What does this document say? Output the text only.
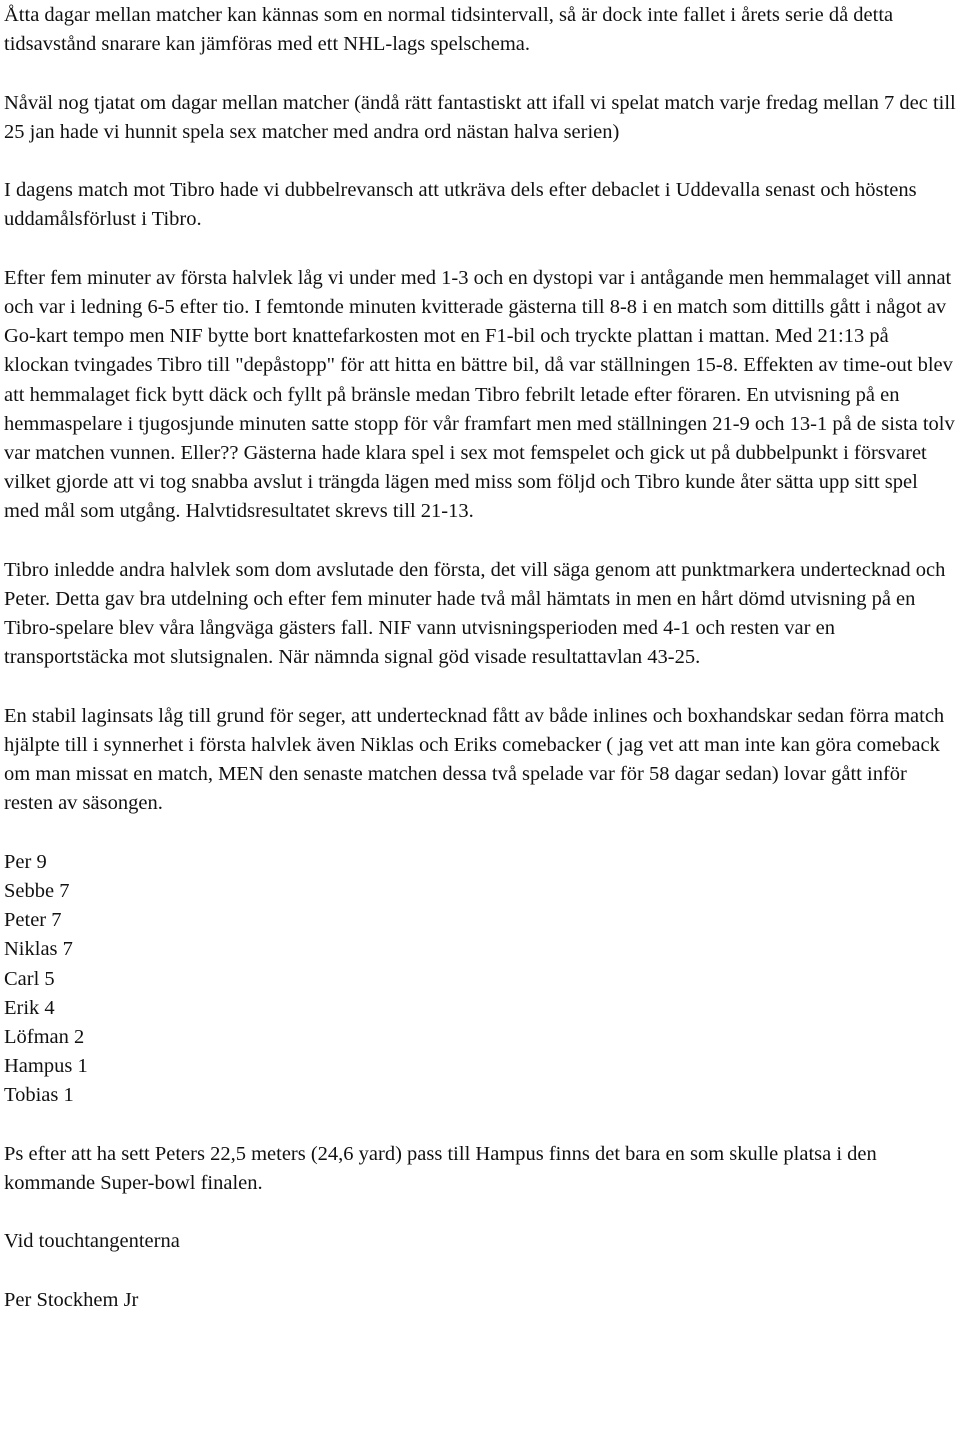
Åtta dagar mellan matcher kan kännas som en normal tidsintervall, så är dock inte fallet i årets serie då detta tidsavstånd snarare kan jämföras med ett NHL-lags spelschema.

Nåväl nog tjatat om dagar mellan matcher (ändå rätt fantastiskt att ifall vi spelat match varje fredag mellan 7 dec till 25 jan hade vi hunnit spela sex matcher med andra ord nästan halva serien)

I dagens match mot Tibro hade vi dubbelrevansch att utkräva dels efter debaclet i Uddevalla senast och höstens uddamålsförlust i Tibro.

Efter fem minuter av första halvlek låg vi under med 1-3 och en dystopi var i antågande men hemmalaget vill annat och var i ledning 6-5 efter tio. I femtonde minuten kvitterade gästerna till 8-8 i en match som dittills gått i något av Go-kart tempo men NIF bytte bort knattefarkosten mot en F1-bil och tryckte plattan i mattan. Med 21:13 på klockan tvingades Tibro till "depåstopp" för att hitta en bättre bil, då var ställningen 15-8. Effekten av time-out blev att hemmalaget fick bytt däck och fyllt på bränsle medan Tibro febrilt letade efter föraren. En utvisning på en hemmaspelare i tjugosjunde minuten satte stopp för vår framfart men med ställningen 21-9 och 13-1 på de sista tolv var matchen vunnen. Eller?? Gästerna hade klara spel i sex mot femspelet och gick ut på dubbelpunkt i försvaret vilket gjorde att vi tog snabba avslut i trängda lägen med miss som följd och Tibro kunde åter sätta upp sitt spel med mål som utgång. Halvtidsresultatet skrevs till 21-13.

Tibro inledde andra halvlek som dom avslutade den första, det vill säga genom att punktmarkera undertecknad och Peter. Detta gav bra utdelning och efter fem minuter hade två mål hämtats in men en hårt dömd utvisning på en Tibro-spelare blev våra långväga gästers fall. NIF vann utvisningsperioden med 4-1 och resten var en transportstäcka mot slutsignalen. När nämnda signal göd visade resultattavlan 43-25.

En stabil laginsats låg till grund för seger, att undertecknad fått av både inlines och boxhandskar sedan förra match hjälpte till i synnerhet i första halvlek även Niklas och Eriks comebacker ( jag vet att man inte kan göra comeback om man missat en match, MEN den senaste matchen dessa två spelade var för 58 dagar sedan) lovar gått inför resten av säsongen.

Per 9
Sebbe 7
Peter 7
Niklas 7
Carl 5
Erik 4
Löfman 2
Hampus 1
Tobias 1

Ps efter att ha sett Peters 22,5 meters (24,6 yard) pass till Hampus finns det bara en som skulle platsa i den kommande Super-bowl finalen.

Vid touchtangenterna

Per Stockhem Jr
